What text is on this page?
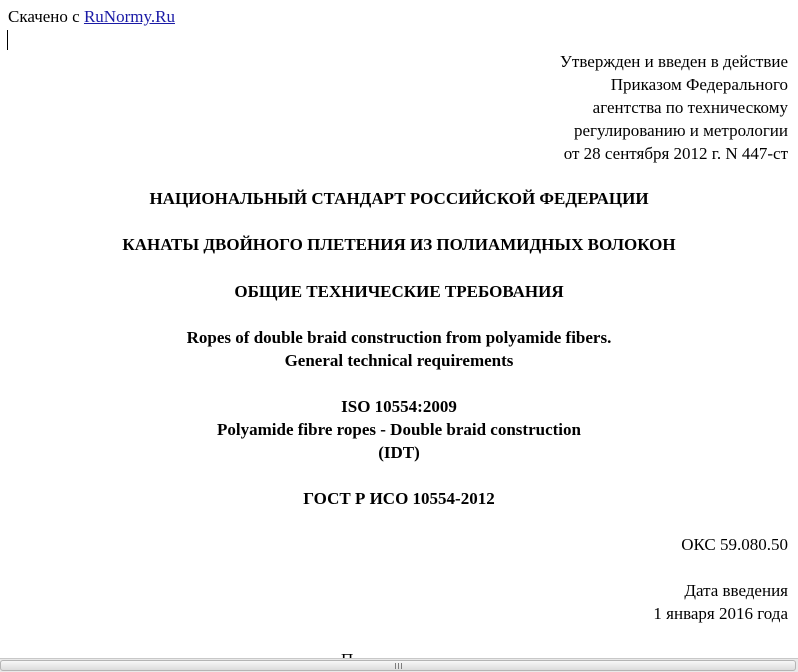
Скачено с RuNormy.Ru
Утвержден и введен в действие
Приказом Федерального
агентства по техническому
регулированию и метрологии
от 28 сентября 2012 г. N 447-ст
НАЦИОНАЛЬНЫЙ СТАНДАРТ РОССИЙСКОЙ ФЕДЕРАЦИИ
КАНАТЫ ДВОЙНОГО ПЛЕТЕНИЯ ИЗ ПОЛИАМИДНЫХ ВОЛОКОН
ОБЩИЕ ТЕХНИЧЕСКИЕ ТРЕБОВАНИЯ
Ropes of double braid construction from polyamide fibers.
General technical requirements
ISO 10554:2009
Polyamide fibre ropes - Double braid construction
(IDT)
ГОСТ Р ИСО 10554-2012
ОКС 59.080.50
Дата введения
1 января 2016 года
